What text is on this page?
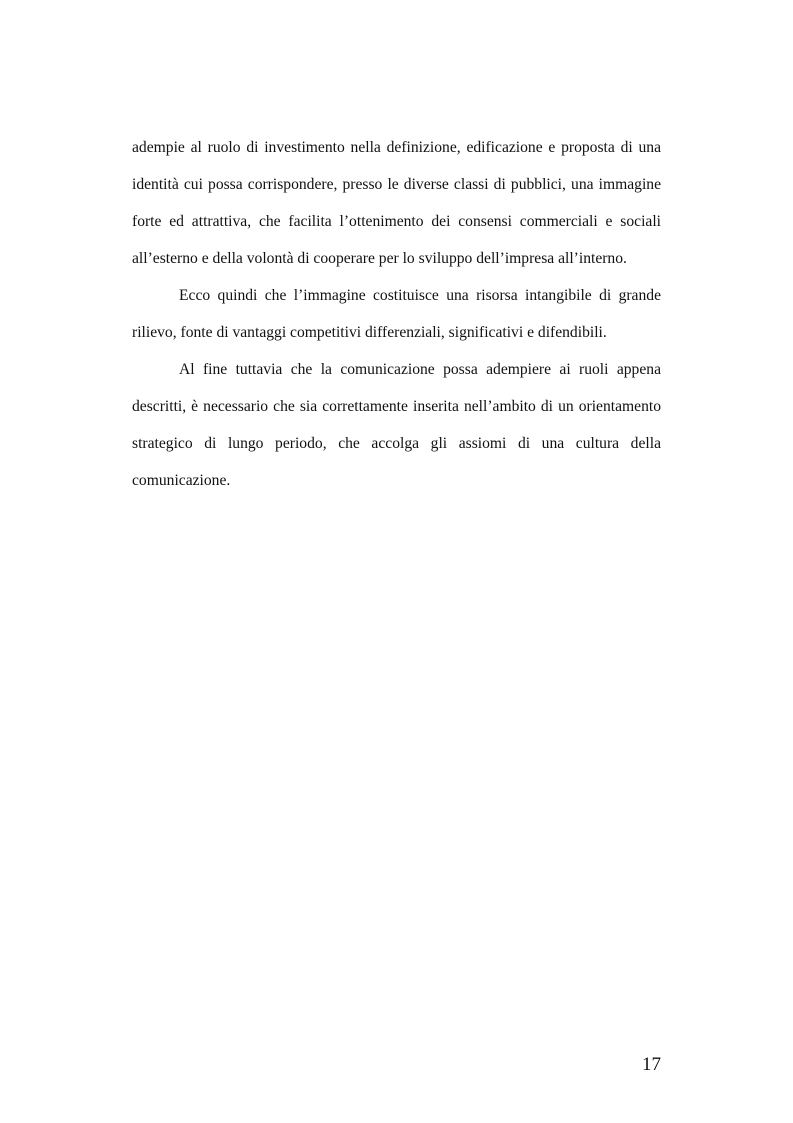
adempie al ruolo di investimento nella definizione, edificazione e proposta di una identità cui possa corrispondere, presso le diverse classi di pubblici, una immagine forte ed attrattiva, che facilita l’ottenimento dei consensi commerciali e sociali all’esterno e della volontà di cooperare per lo sviluppo dell’impresa all’interno.

Ecco quindi che l’immagine costituisce una risorsa intangibile di grande rilievo, fonte di vantaggi competitivi differenziali, significativi e difendibili.

Al fine tuttavia che la comunicazione possa adempiere ai ruoli appena descritti, è necessario che sia correttamente inserita nell’ambito di un orientamento strategico di lungo periodo, che accolga gli assiomi di una cultura della comunicazione.

17
